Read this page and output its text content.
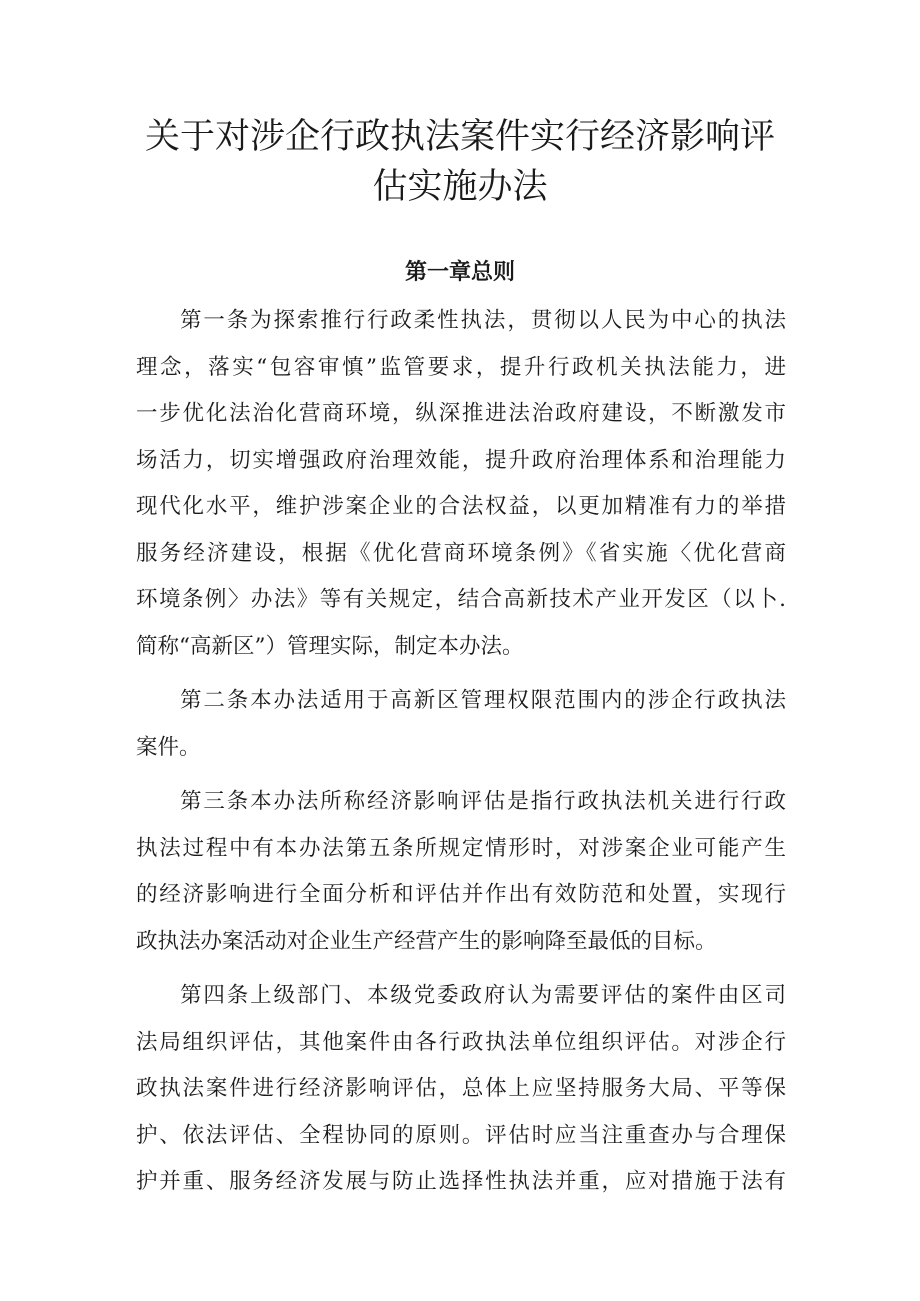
关于对涉企行政执法案件实行经济影响评
估实施办法
第一章总则
第一条为探索推行行政柔性执法，贯彻以人民为中心的执法
理念，落实“包容审慎”监管要求，提升行政机关执法能力，进
一步优化法治化营商环境，纵深推进法治政府建设，不断激发市
场活力，切实增强政府治理效能，提升政府治理体系和治理能力
现代化水平，维护涉案企业的合法权益，以更加精准有力的举措
服务经济建设，根据《优化营商环境条例》《省实施〈优化营商
环境条例〉办法》等有关规定，结合高新技术产业开发区（以卜.
简称“高新区”）管理实际，制定本办法。
第二条本办法适用于高新区管理权限范围内的涉企行政执法
案件。
第三条本办法所称经济影响评估是指行政执法机关进行行政
执法过程中有本办法第五条所规定情形时，对涉案企业可能产生
的经济影响进行全面分析和评估并作出有效防范和处置，实现行
政执法办案活动对企业生产经营产生的影响降至最低的目标。
第四条上级部门、本级党委政府认为需要评估的案件由区司
法局组织评估，其他案件由各行政执法单位组织评估。对涉企行
政执法案件进行经济影响评估，总体上应坚持服务大局、平等保
护、依法评估、全程协同的原则。评估时应当注重查办与合理保
护并重、服务经济发展与防止选择性执法并重，应对措施于法有
